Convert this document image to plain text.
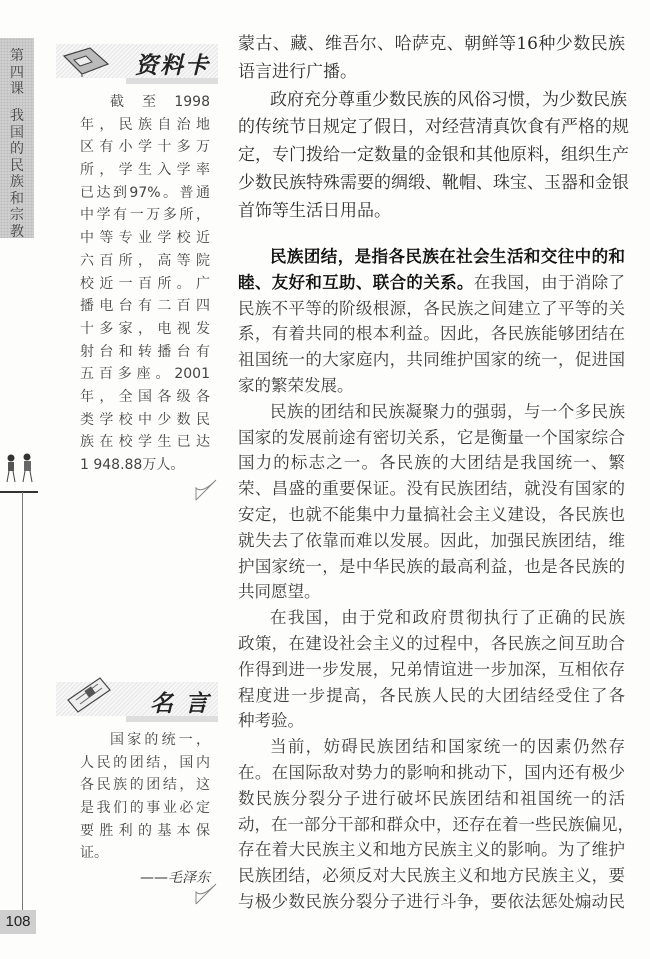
第四课
我国的民族和宗教
108
资料卡
截至1998
年，民族自治地
区有小学十多万
所，学生入学率
已达到97%。普通
中学有一万多所，
中等专业学校近
六百所，高等院
校近一百所。广
播电台有二百四
十多家，电视发
射台和转播台有
五百多座。2001
年，全国各级各
类学校中少数民
族在校学生已达
1 948.88万人。
名 言
国家的统一，
人民的团结，国内
各民族的团结，这
是我们的事业必定
要胜利的基本保
证。
——毛泽东
蒙古、藏、维吾尔、哈萨克、朝鲜等16种少数民族
语言进行广播。
政府充分尊重少数民族的风俗习惯，为少数民族
的传统节日规定了假日，对经营清真饮食有严格的规
定，专门拨给一定数量的金银和其他原料，组织生产
少数民族特殊需要的绸缎、靴帽、珠宝、玉器和金银
首饰等生活日用品。
民族团结，是指各民族在社会生活和交往中的和
睦、友好和互助、联合的关系。在我国，由于消除了
民族不平等的阶级根源，各民族之间建立了平等的关
系，有着共同的根本利益。因此，各民族能够团结在
祖国统一的大家庭内，共同维护国家的统一，促进国
家的繁荣发展。
民族的团结和民族凝聚力的强弱，与一个多民族
国家的发展前途有密切关系，它是衡量一个国家综合
国力的标志之一。各民族的大团结是我国统一、繁
荣、昌盛的重要保证。没有民族团结，就没有国家的
安定，也就不能集中力量搞社会主义建设，各民族也
就失去了依靠而难以发展。因此，加强民族团结，维
护国家统一，是中华民族的最高利益，也是各民族的
共同愿望。
在我国，由于党和政府贯彻执行了正确的民族
政策，在建设社会主义的过程中，各民族之间互助合
作得到进一步发展，兄弟情谊进一步加深，互相依存
程度进一步提高，各民族人民的大团结经受住了各
种考验。
当前，妨碍民族团结和国家统一的因素仍然存
在。在国际敌对势力的影响和挑动下，国内还有极少
数民族分裂分子进行破坏民族团结和祖国统一的活
动，在一部分干部和群众中，还存在着一些民族偏见，
存在着大民族主义和地方民族主义的影响。为了维护
民族团结，必须反对大民族主义和地方民族主义，要
与极少数民族分裂分子进行斗争，要依法惩处煽动民
